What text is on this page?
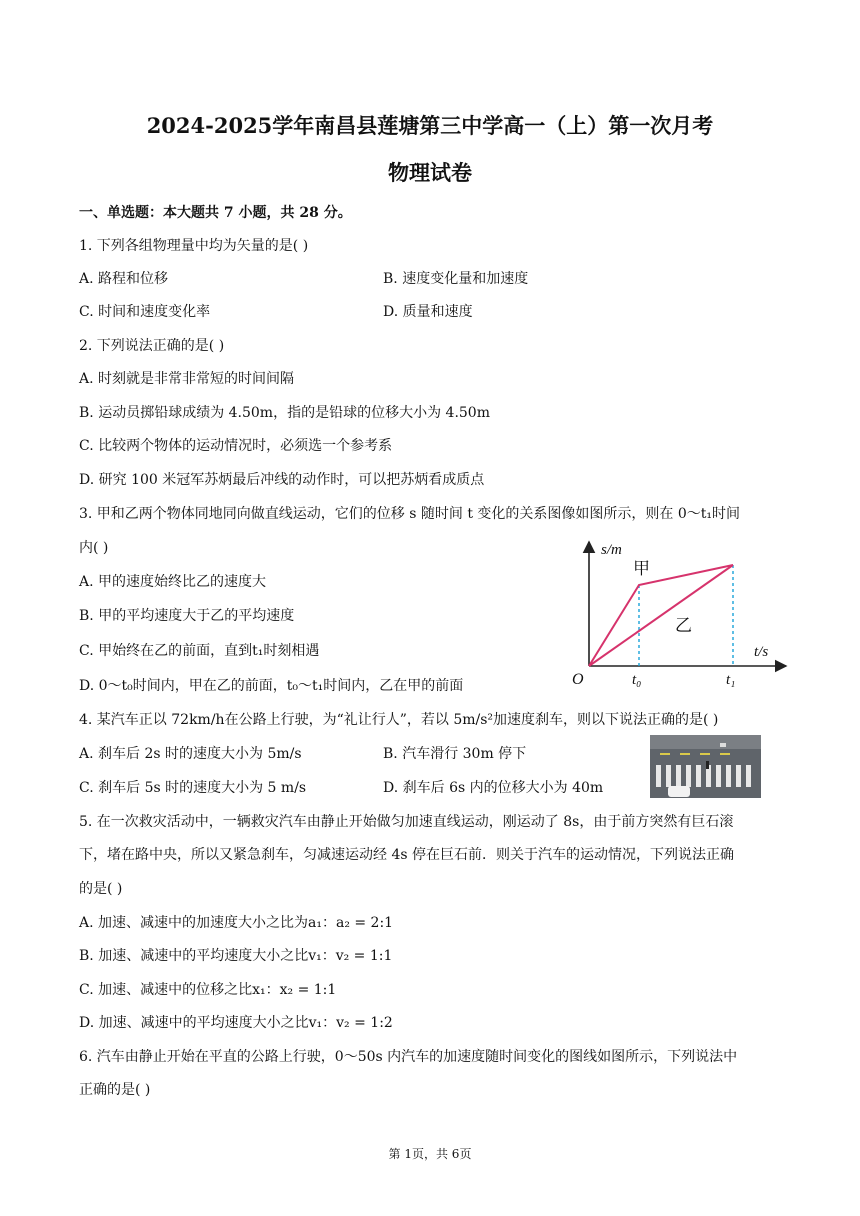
2024-2025学年南昌县莲塘第三中学高一（上）第一次月考
物理试卷
一、单选题：本大题共 7 小题，共 28 分。
1. 下列各组物理量中均为矢量的是( )
A. 路程和位移	B. 速度变化量和加速度
C. 时间和速度变化率	D. 质量和速度
2. 下列说法正确的是( )
A. 时刻就是非常非常短的时间间隔
B. 运动员掷铅球成绩为 4.50m，指的是铅球的位移大小为 4.50m
C. 比较两个物体的运动情况时，必须选一个参考系
D. 研究 100 米冠军苏炳最后冲线的动作时，可以把苏炳看成质点
3. 甲和乙两个物体同地同向做直线运动，它们的位移 s 随时间 t 变化的关系图像如图所示，则在 0～t₁时间
内( )
A. 甲的速度始终比乙的速度大
B. 甲的平均速度大于乙的平均速度
C. 甲始终在乙的前面，直到t₁时刻相遇
D. 0～t₀时间内，甲在乙的前面，t₀～t₁时间内，乙在甲的前面
s/m
t/s
O	t₀	t₁
甲
乙
4. 某汽车正以 72km/h在公路上行驶，为“礼让行人”，若以 5m/s²加速度刹车，则以下说法正确的是( )
A. 刹车后 2s 时的速度大小为 5m/s	B. 汽车滑行 30m 停下
C. 刹车后 5s 时的速度大小为 5 m/s	D. 刹车后 6s 内的位移大小为 40m
5. 在一次救灾活动中，一辆救灾汽车由静止开始做匀加速直线运动，刚运动了 8s，由于前方突然有巨石滚
下，堵在路中央，所以又紧急刹车，匀减速运动经 4s 停在巨石前．则关于汽车的运动情况，下列说法正确
的是( )
A. 加速、减速中的加速度大小之比为a₁：a₂ = 2:1
B. 加速、减速中的平均速度大小之比v₁：v₂ = 1:1
C. 加速、减速中的位移之比x₁：x₂ = 1:1
D. 加速、减速中的平均速度大小之比v₁：v₂ = 1:2
6. 汽车由静止开始在平直的公路上行驶，0～50s 内汽车的加速度随时间变化的图线如图所示，下列说法中
正确的是( )
第 1页，共 6页
